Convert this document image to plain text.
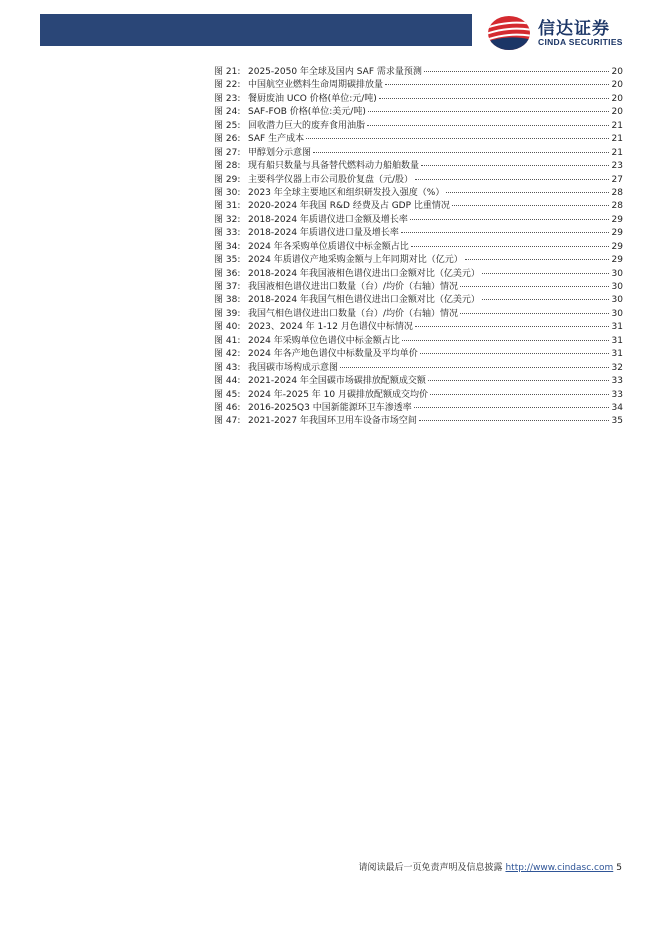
信达证券
CINDA SECURITIES
图 21: 2025-2050 年全球及国内 SAF 需求量预测	20
图 22: 中国航空业燃料生命周期碳排放量	20
图 23: 餐厨废油 UCO 价格(单位:元/吨)	20
图 24: SAF-FOB 价格(单位:美元/吨)	20
图 25: 回收潜力巨大的废弃食用油脂	21
图 26: SAF 生产成本	21
图 27: 甲醇划分示意图	21
图 28: 现有船只数量与具备替代燃料动力船舶数量	23
图 29: 主要科学仪器上市公司股价复盘（元/股）	27
图 30: 2023 年全球主要地区和组织研发投入强度（%）	28
图 31: 2020-2024 年我国 R&D 经费及占 GDP 比重情况	28
图 32: 2018-2024 年质谱仪进口金额及增长率	29
图 33: 2018-2024 年质谱仪进口量及增长率	29
图 34: 2024 年各采购单位质谱仪中标金额占比	29
图 35: 2024 年质谱仪产地采购金额与上年同期对比（亿元）	29
图 36: 2018-2024 年我国液相色谱仪进出口金额对比（亿美元）	30
图 37: 我国液相色谱仪进出口数量（台）/均价（右轴）情况	30
图 38: 2018-2024 年我国气相色谱仪进出口金额对比（亿美元）	30
图 39: 我国气相色谱仪进出口数量（台）/均价（右轴）情况	30
图 40: 2023、2024 年 1-12 月色谱仪中标情况	31
图 41: 2024 年采购单位色谱仪中标金额占比	31
图 42: 2024 年各产地色谱仪中标数量及平均单价	31
图 43: 我国碳市场构成示意图	32
图 44: 2021-2024 年全国碳市场碳排放配额成交额	33
图 45: 2024 年-2025 年 10 月碳排放配额成交均价	33
图 46: 2016-2025Q3 中国新能源环卫车渗透率	34
图 47: 2021-2027 年我国环卫用车设备市场空间	35
请阅读最后一页免责声明及信息披露 http://www.cindasc.com 5
